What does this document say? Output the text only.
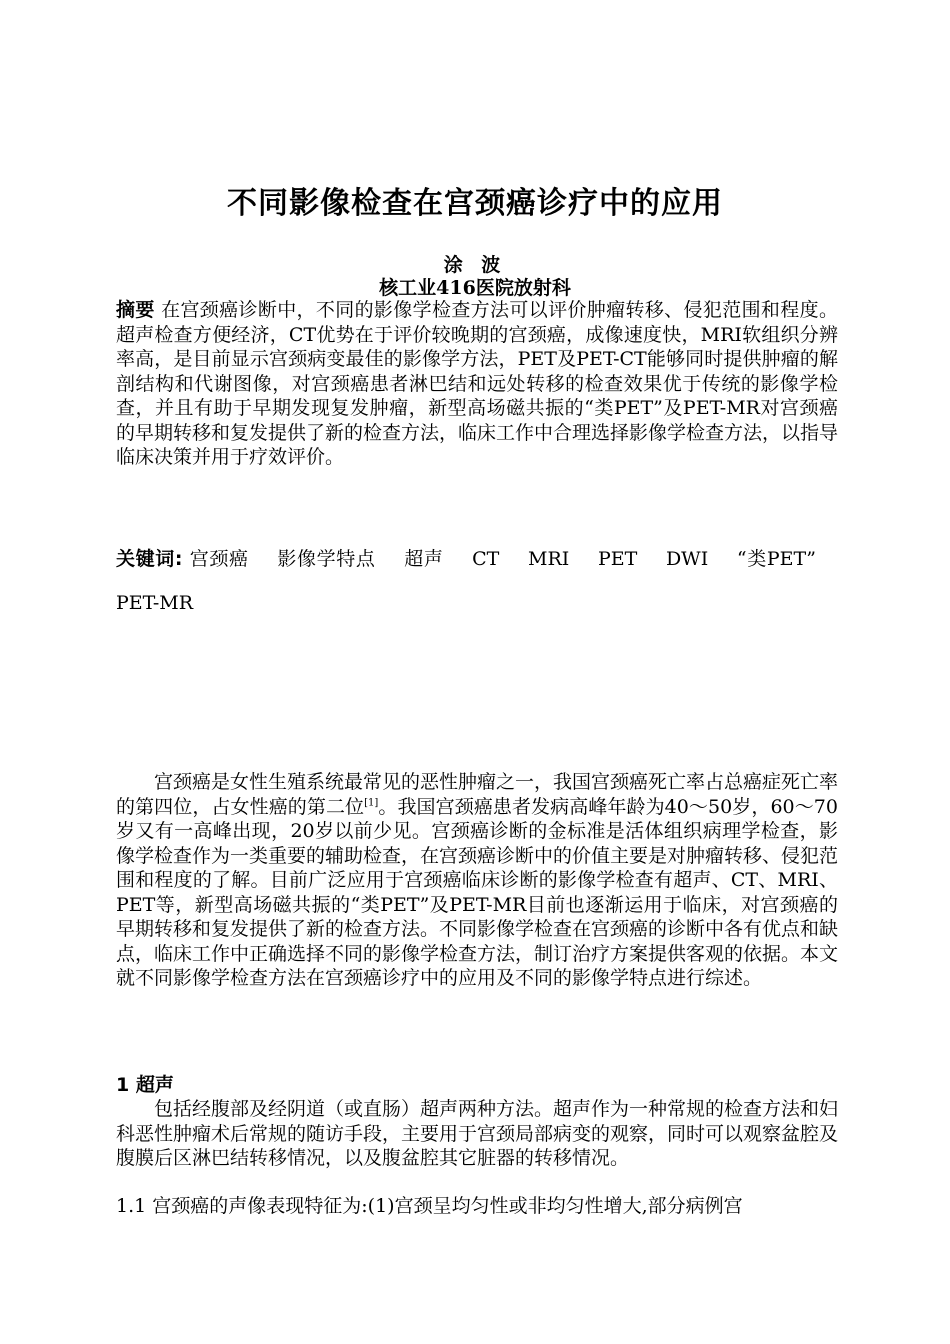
不同影像检查在宫颈癌诊疗中的应用
涂 波
核工业416医院放射科
摘要 在宫颈癌诊断中，不同的影像学检查方法可以评价肿瘤转移、侵犯范围和程度。超声检查方便经济，CT优势在于评价较晚期的宫颈癌，成像速度快，MRI软组织分辨率高，是目前显示宫颈病变最佳的影像学方法，PET及PET-CT能够同时提供肿瘤的解剖结构和代谢图像，对宫颈癌患者淋巴结和远处转移的检查效果优于传统的影像学检查，并且有助于早期发现复发肿瘤，新型高场磁共振的“类PET”及PET-MR对宫颈癌的早期转移和复发提供了新的检查方法，临床工作中合理选择影像学检查方法，以指导临床决策并用于疗效评价。
关键词: 宫颈癌 影像学特点 超声 CT MRI PET DWI “类PET” PET-MR
宫颈癌是女性生殖系统最常见的恶性肿瘤之一，我国宫颈癌死亡率占总癌症死亡率的第四位，占女性癌的第二位[1]。我国宫颈癌患者发病高峰年龄为40～50岁，60～70岁又有一高峰出现，20岁以前少见。宫颈癌诊断的金标准是活体组织病理学检查，影像学检查作为一类重要的辅助检查，在宫颈癌诊断中的价值主要是对肿瘤转移、侵犯范围和程度的了解。目前广泛应用于宫颈癌临床诊断的影像学检查有超声、CT、MRI、PET等，新型高场磁共振的“类PET”及PET-MR目前也逐渐运用于临床，对宫颈癌的早期转移和复发提供了新的检查方法。不同影像学检查在宫颈癌的诊断中各有优点和缺点，临床工作中正确选择不同的影像学检查方法，制订治疗方案提供客观的依据。本文就不同影像学检查方法在宫颈癌诊疗中的应用及不同的影像学特点进行综述。
1 超声
包括经腹部及经阴道（或直肠）超声两种方法。超声作为一种常规的检查方法和妇科恶性肿瘤术后常规的随访手段，主要用于宫颈局部病变的观察，同时可以观察盆腔及腹膜后区淋巴结转移情况，以及腹盆腔其它脏器的转移情况。
1.1 宫颈癌的声像表现特征为:(1)宫颈呈均匀性或非均匀性增大,部分病例宫
